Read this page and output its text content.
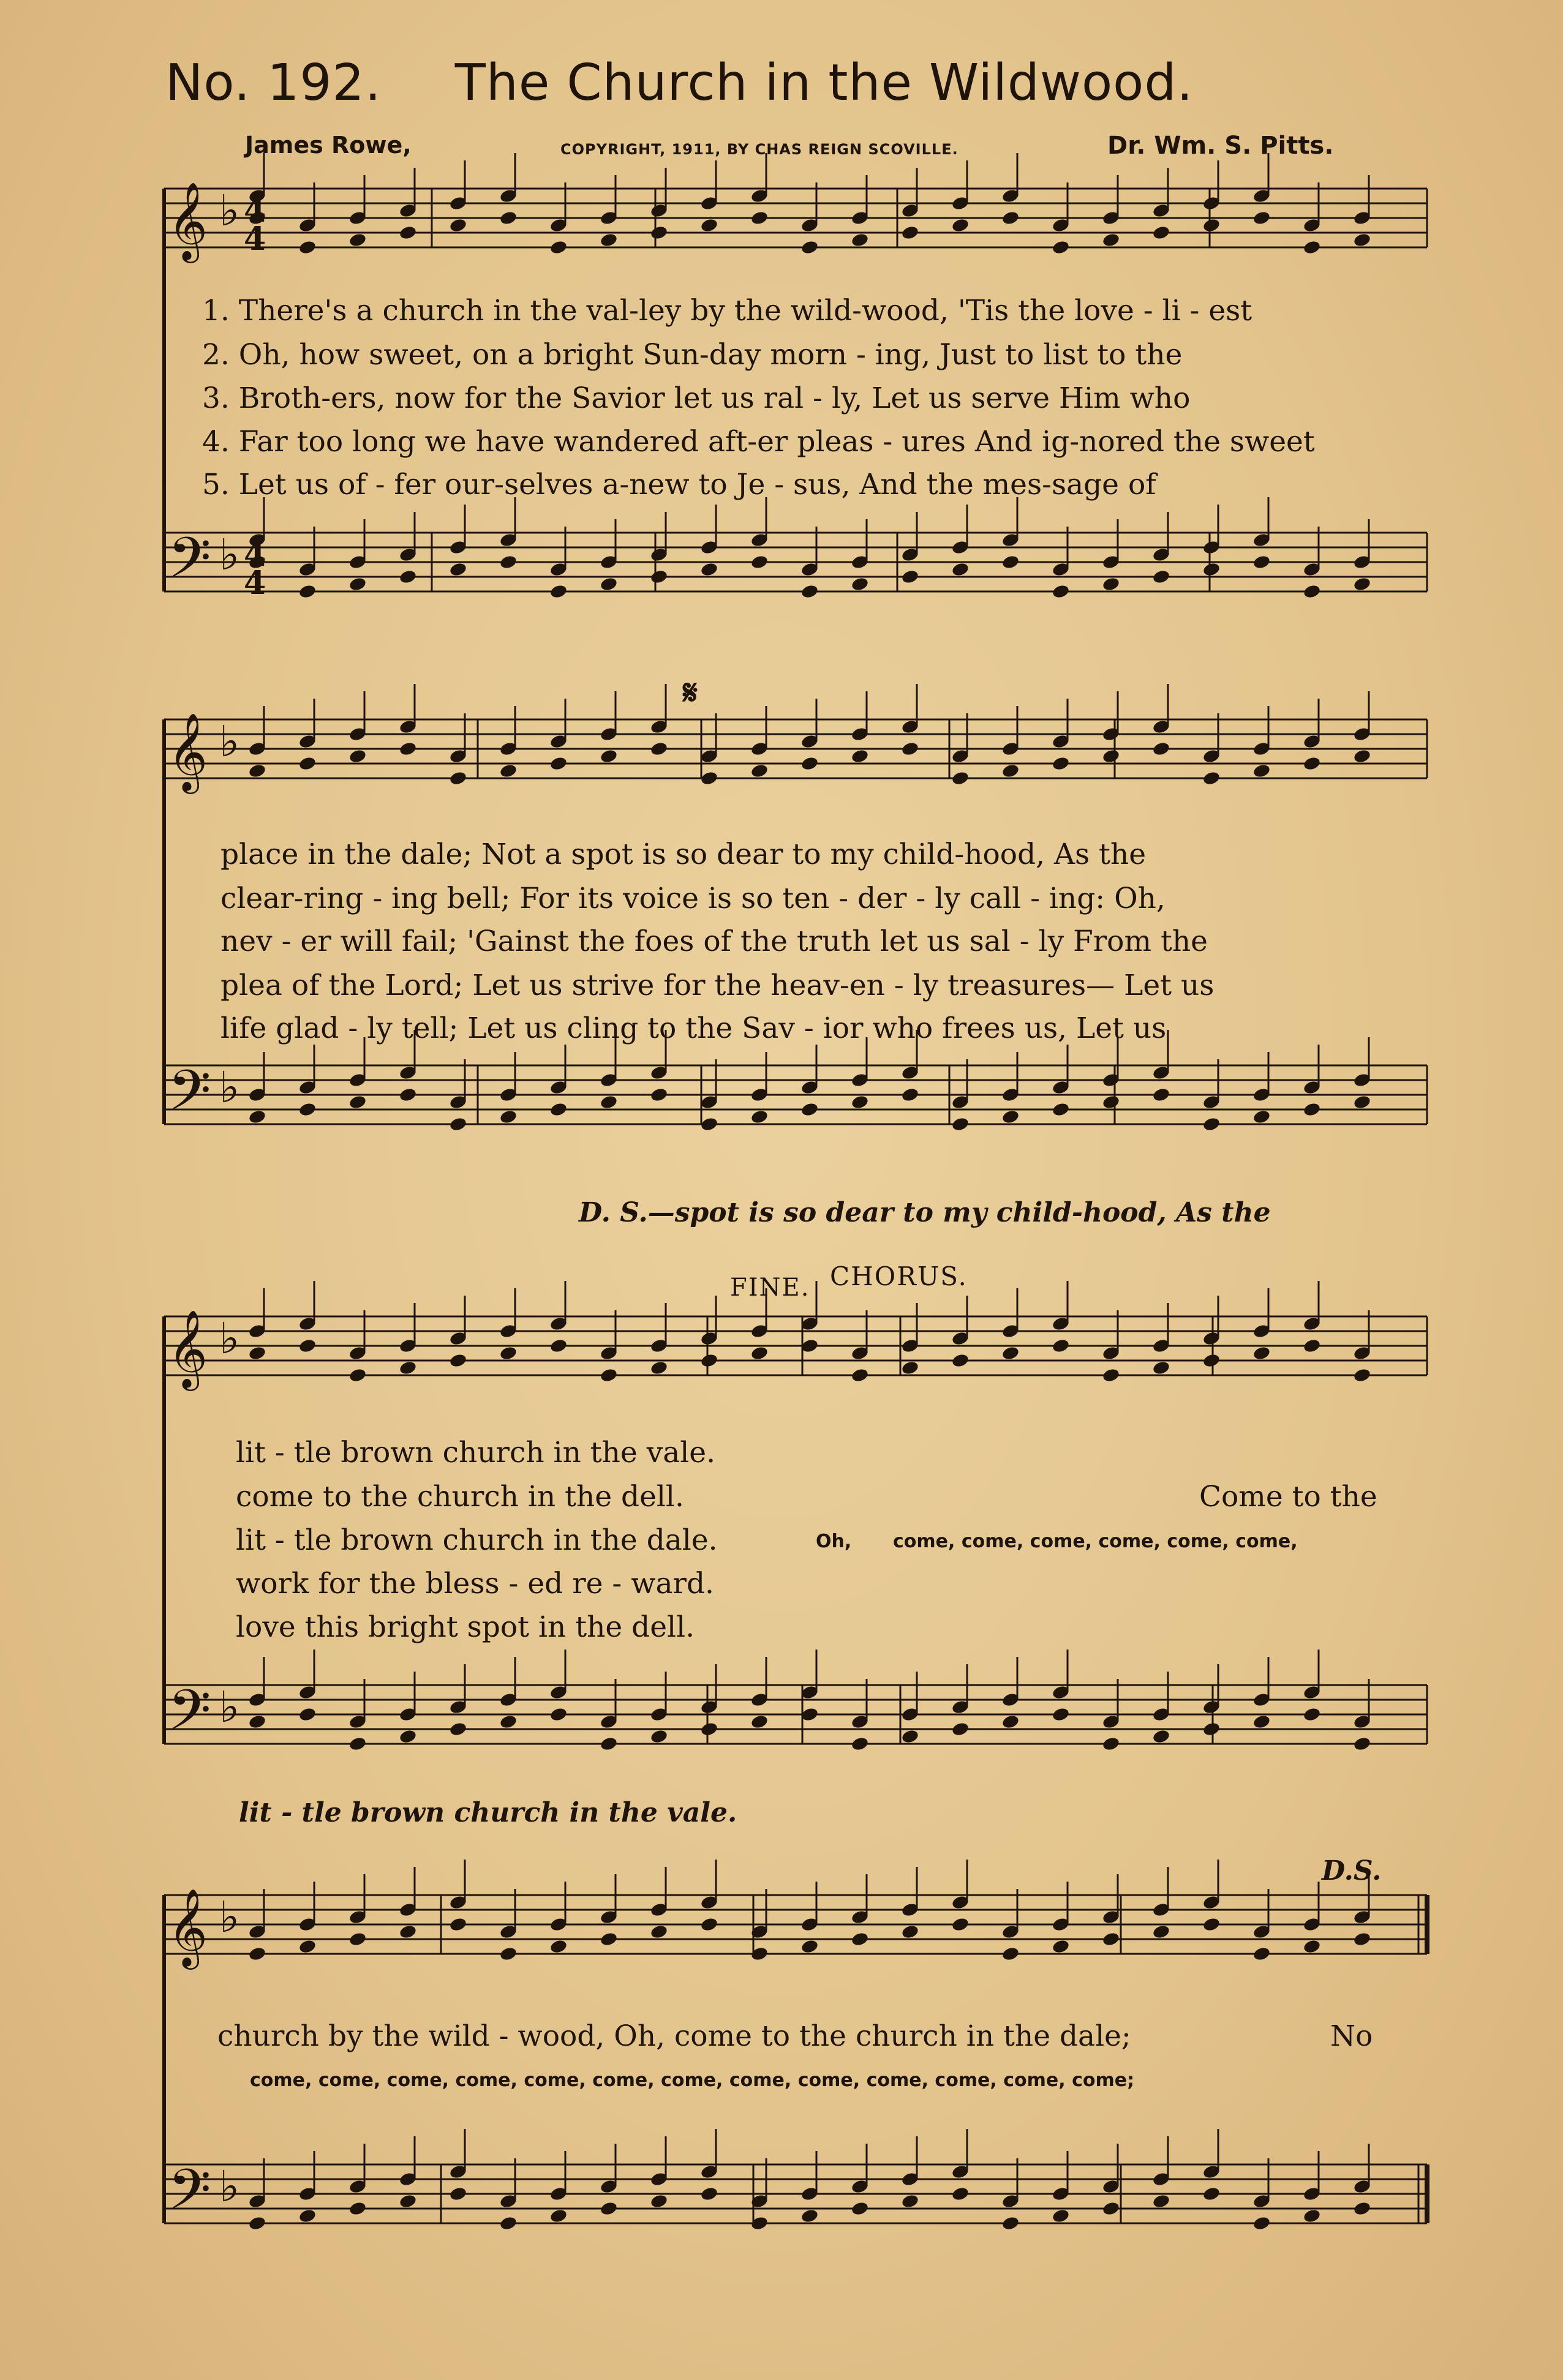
No. 192. The Church in the Wildwood.
James Rowe,	COPYRIGHT, 1911, BY CHAS REIGN SCOVILLE.	Dr. Wm. S. Pitts.
𝄞 ♭ 4
4
𝄢 ♭ 4
4
𝄞 ♭
𝄢 ♭
𝄞 ♭
𝄢 ♭
𝄞 ♭
𝄢 ♭
1. There's a church in the val-ley by the wild-wood, 'Tis the love - li - est
2. Oh, how sweet, on a bright Sun-day morn - ing, Just to list to the
3. Broth-ers, now for the Savior let us ral - ly, Let us serve Him who
4. Far too long we have wandered aft-er pleas - ures And ig-nored the sweet
5. Let us of - fer our-selves a-new to Je - sus, And the mes-sage of
𝄋
place in the dale; Not a spot is so dear to my child-hood, As the
clear-ring - ing bell; For its voice is so ten - der - ly call - ing: Oh,
nev - er will fail; 'Gainst the foes of the truth let us sal - ly From the
plea of the Lord; Let us strive for the heav-en - ly treasures— Let us
life glad - ly tell; Let us cling to the Sav - ior who frees us, Let us
D. S.—spot is so dear to my child-hood, As the
FINE. CHORUS.
lit - tle brown church in the vale.
come to the church in the dell.
lit - tle brown church in the dale.
work for the bless - ed re - ward.
love this bright spot in the dell.
Come to the
Oh, come, come, come, come, come, come,
lit - tle brown church in the vale.
D.S.
church by the wild - wood, Oh, come to the church in the dale;	No
come, come, come, come, come, come, come, come, come, come, come, come, come;
